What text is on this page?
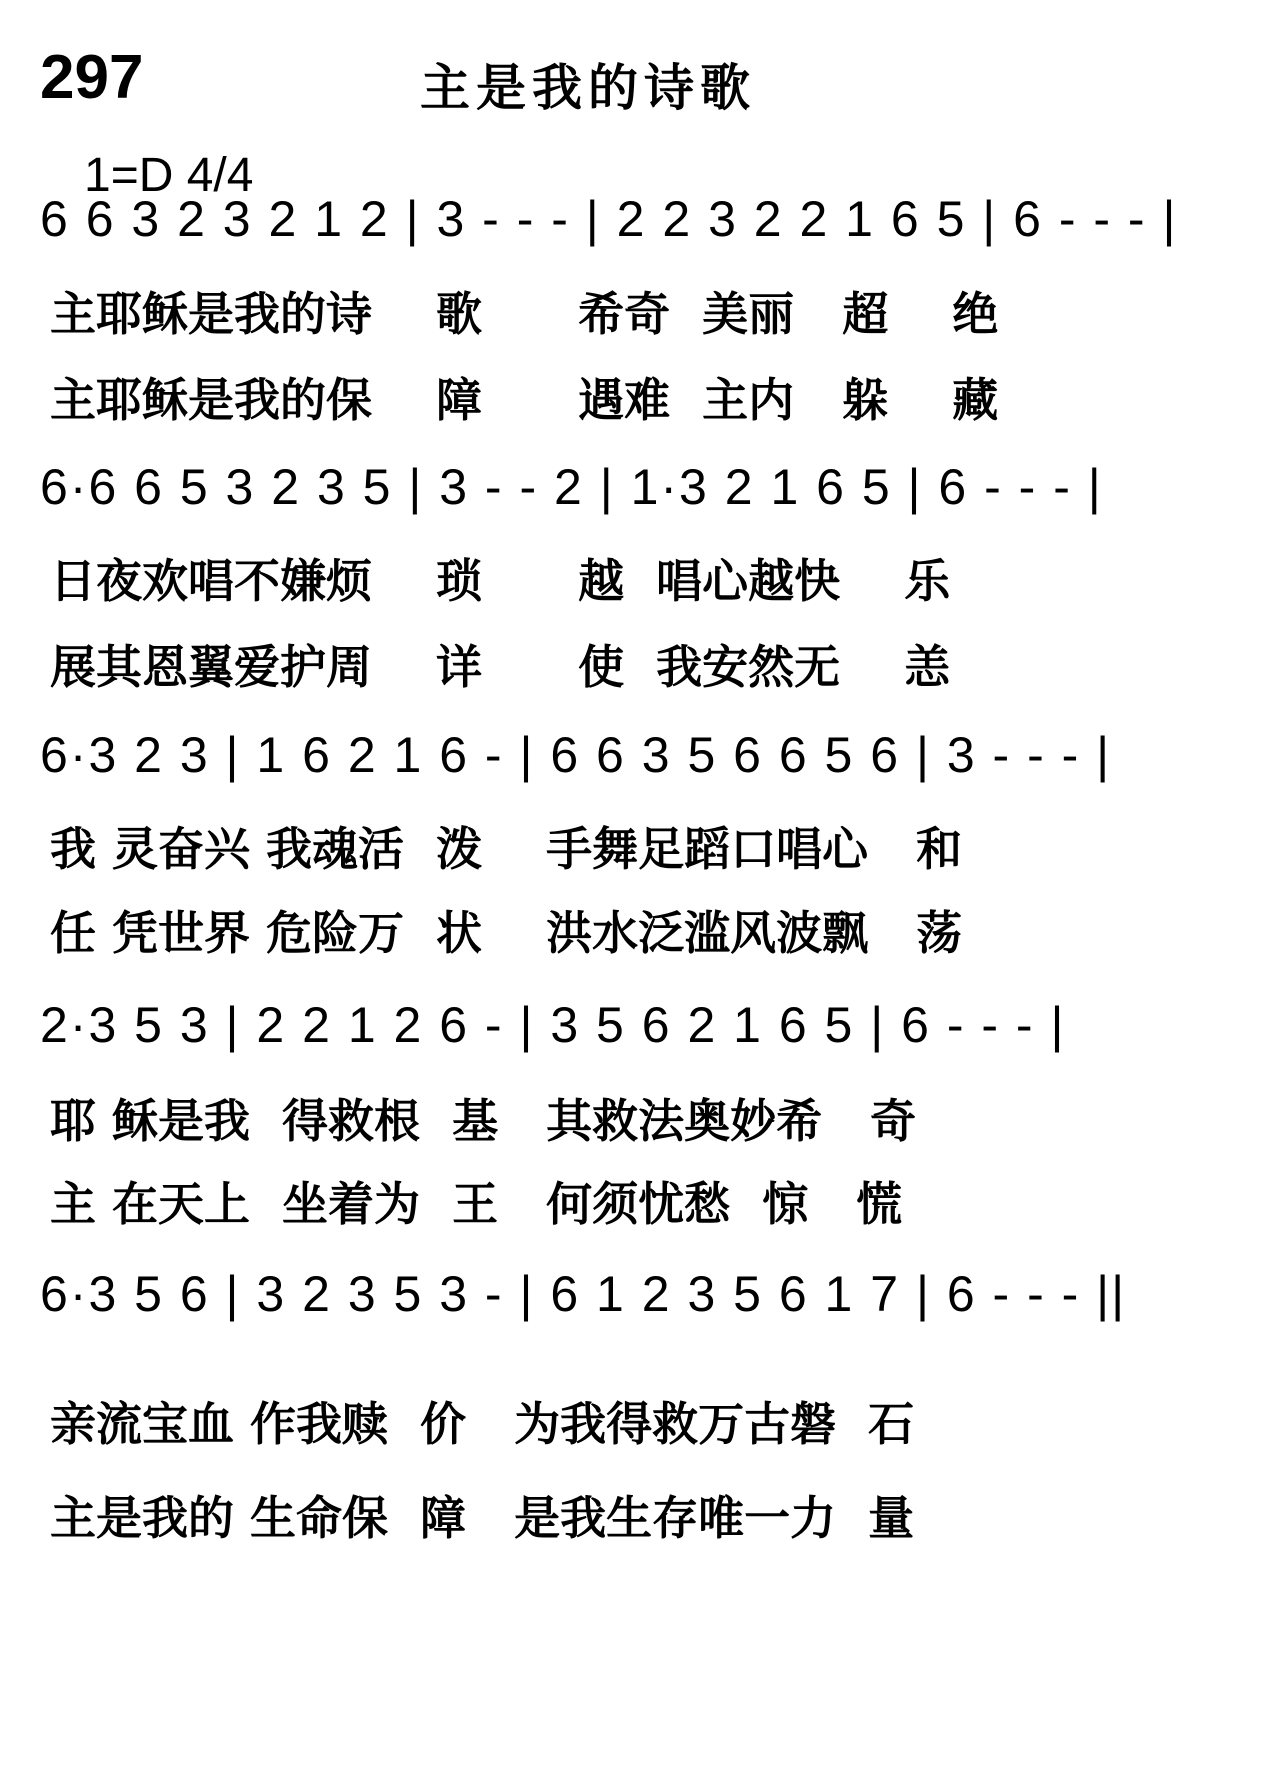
297	主是我的诗歌
1=D 4/4
6 6 3 2 3 2 1 2 | 3 - - - | 2 2 3 2 2 1 6 5 | 6 - - - |
主耶稣是我的诗    歌      希奇  美丽   超    绝
主耶稣是我的保    障      遇难  主内   躲    藏
6·6 6 5 3 2 3 5 | 3 - - 2 | 1·3 2 1 6 5 | 6 - - - |
日夜欢唱不嫌烦    琐      越  唱心越快    乐
展其恩翼爱护周    详      使  我安然无    恙
6·3 2 3 | 1 6 2 1 6 - | 6 6 3 5 6 6 5 6 | 3 - - - |
我 灵奋兴 我魂活  泼    手舞足蹈口唱心   和
任 凭世界 危险万  状    洪水泛滥风波飘   荡
2·3 5 3 | 2 2 1 2 6 - | 3 5 6 2 1 6 5 | 6 - - - |
耶 稣是我  得救根  基   其救法奥妙希   奇
主 在天上  坐着为  王   何须忧愁  惊   慌
6·3 5 6 | 3 2 3 5 3 - | 6 1 2 3 5 6 1 7 | 6 - - - ||
亲流宝血 作我赎  价   为我得救万古磐  石
主是我的 生命保  障   是我生存唯一力  量
